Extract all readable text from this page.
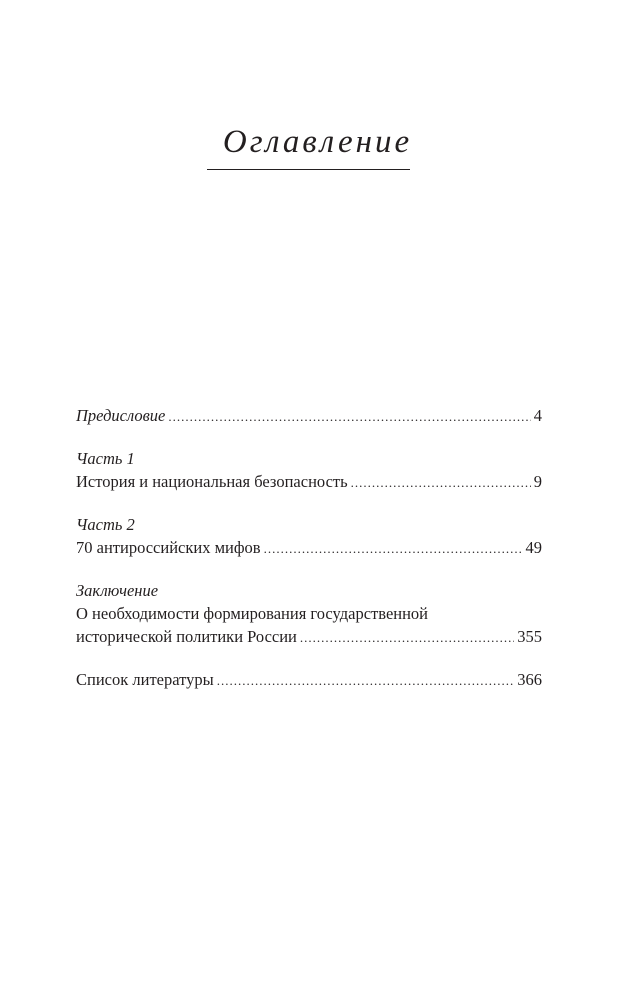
Оглавление
Предисловие .....	4
Часть 1
История и национальная безопасность .....	9
Часть 2
70 антироссийских мифов .....	49
Заключение
О необходимости формирования государственной
исторической политики России .....	355
Список литературы .....	366
